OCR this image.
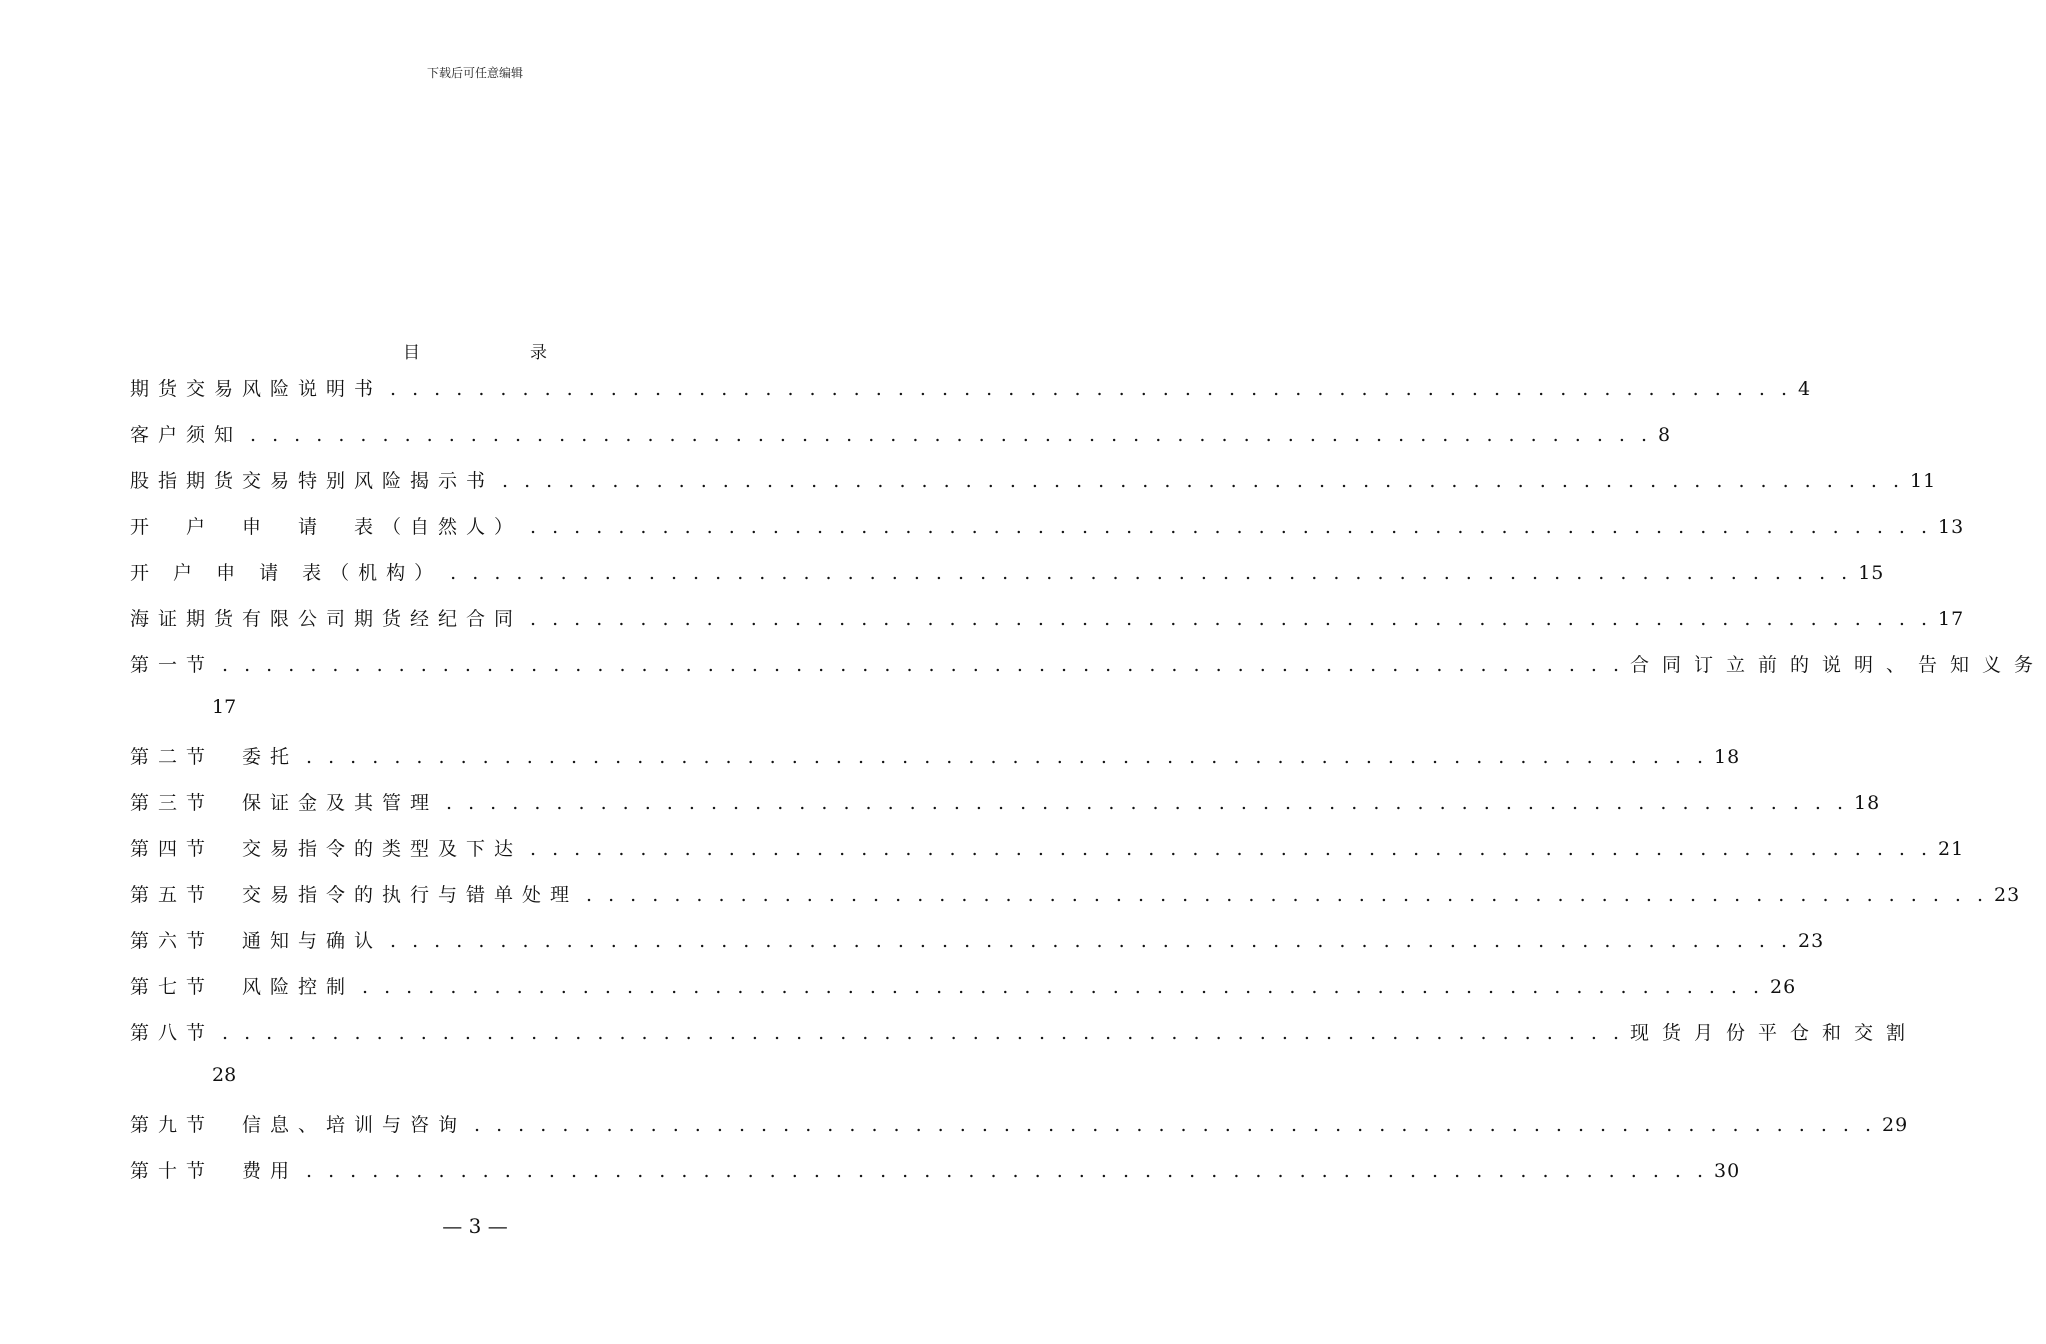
下载后可任意编辑
目	录
期货交易风险说明书 . . . . . . . . . . . . . . . . . . . . . . . . . . . . . . . . . . . . . . . . . . . . . . . . . . . . . . . . . . . . . . . . 4
客户须知 . . . . . . . . . . . . . . . . . . . . . . . . . . . . . . . . . . . . . . . . . . . . . . . . . . . . . . . . . . . . . . . . 8
股指期货交易特别风险揭示书 . . . . . . . . . . . . . . . . . . . . . . . . . . . . . . . . . . . . . . . . . . . . . . . . . . . . . . . . . . . . . . . . 11
开　户　申　请　表（自然人） . . . . . . . . . . . . . . . . . . . . . . . . . . . . . . . . . . . . . . . . . . . . . . . . . . . . . . . . . . . . . . . . 13
开 户 申 请 表（机构） . . . . . . . . . . . . . . . . . . . . . . . . . . . . . . . . . . . . . . . . . . . . . . . . . . . . . . . . . . . . . . . . 15
海证期货有限公司期货经纪合同 . . . . . . . . . . . . . . . . . . . . . . . . . . . . . . . . . . . . . . . . . . . . . . . . . . . . . . . . . . . . . . . . 17
第一节 . . . . . . . . . . . . . . . . . . . . . . . . . . . . . . . . . . . . . . . . . . . . . . . . . . . . . . . . . . . . . . . . 合同订立前的说明、告知义务
17
第二节　委托 . . . . . . . . . . . . . . . . . . . . . . . . . . . . . . . . . . . . . . . . . . . . . . . . . . . . . . . . . . . . . . . . 18
第三节　保证金及其管理 . . . . . . . . . . . . . . . . . . . . . . . . . . . . . . . . . . . . . . . . . . . . . . . . . . . . . . . . . . . . . . . . 18
第四节　交易指令的类型及下达 . . . . . . . . . . . . . . . . . . . . . . . . . . . . . . . . . . . . . . . . . . . . . . . . . . . . . . . . . . . . . . . . 21
第五节　交易指令的执行与错单处理 . . . . . . . . . . . . . . . . . . . . . . . . . . . . . . . . . . . . . . . . . . . . . . . . . . . . . . . . . . . . . . . . 23
第六节　通知与确认 . . . . . . . . . . . . . . . . . . . . . . . . . . . . . . . . . . . . . . . . . . . . . . . . . . . . . . . . . . . . . . . . 23
第七节　风险控制 . . . . . . . . . . . . . . . . . . . . . . . . . . . . . . . . . . . . . . . . . . . . . . . . . . . . . . . . . . . . . . . . 26
第八节 . . . . . . . . . . . . . . . . . . . . . . . . . . . . . . . . . . . . . . . . . . . . . . . . . . . . . . . . . . . . . . . . 现货月份平仓和交割
28
第九节　信息、培训与咨询 . . . . . . . . . . . . . . . . . . . . . . . . . . . . . . . . . . . . . . . . . . . . . . . . . . . . . . . . . . . . . . . . 29
第十节　费用 . . . . . . . . . . . . . . . . . . . . . . . . . . . . . . . . . . . . . . . . . . . . . . . . . . . . . . . . . . . . . . . . 30
— 3 —
